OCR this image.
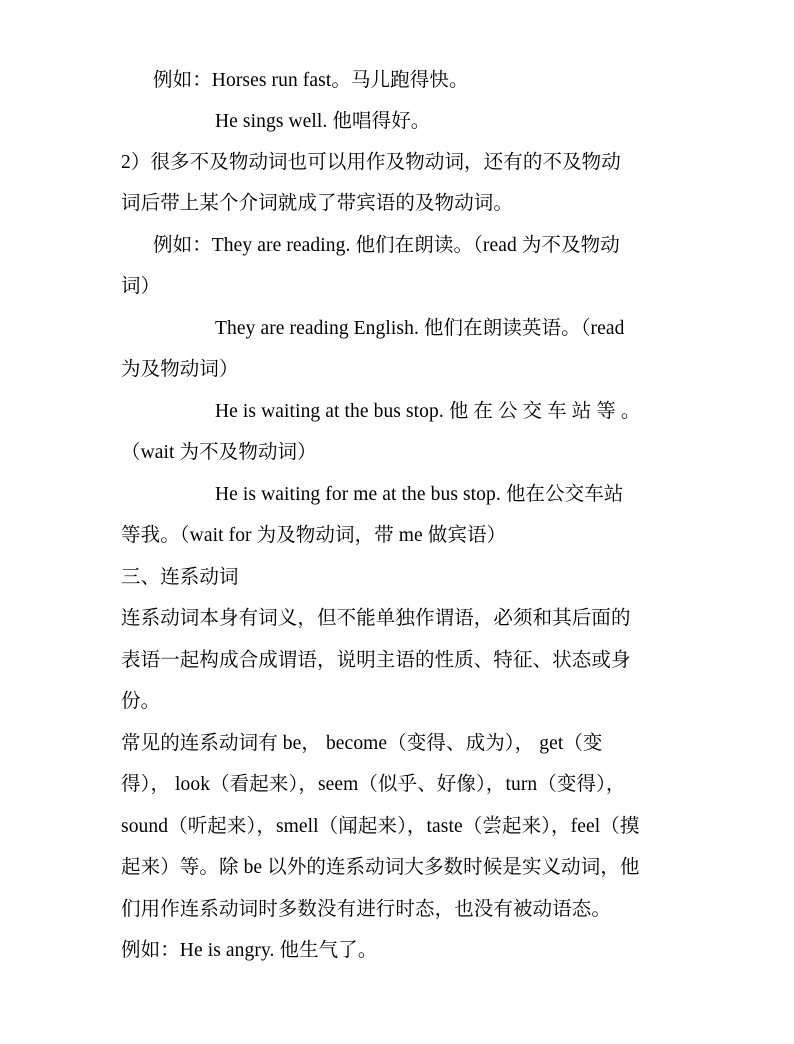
例如：Horses run fast。马儿跑得快。
He sings well. 他唱得好。
2）很多不及物动词也可以用作及物动词，还有的不及物动
词后带上某个介词就成了带宾语的及物动词。
例如：They are reading. 他们在朗读。（read 为不及物动
词）
They are reading English. 他们在朗读英语。（read
为及物动词）
He is waiting at the bus stop. 他 在 公 交 车 站 等 。
（wait 为不及物动词）
He is waiting for me at the bus stop. 他在公交车站
等我。（wait for 为及物动词，带 me 做宾语）
三、连系动词
连系动词本身有词义，但不能单独作谓语，必须和其后面的
表语一起构成合成谓语，说明主语的性质、特征、状态或身
份。
常见的连系动词有 be， become（变得、成为）， get（变
得）， look（看起来），seem（似乎、好像），turn（变得），
sound（听起来），smell（闻起来），taste（尝起来），feel（摸
起来）等。除 be 以外的连系动词大多数时候是实义动词，他
们用作连系动词时多数没有进行时态，也没有被动语态。
例如：He is angry. 他生气了。
